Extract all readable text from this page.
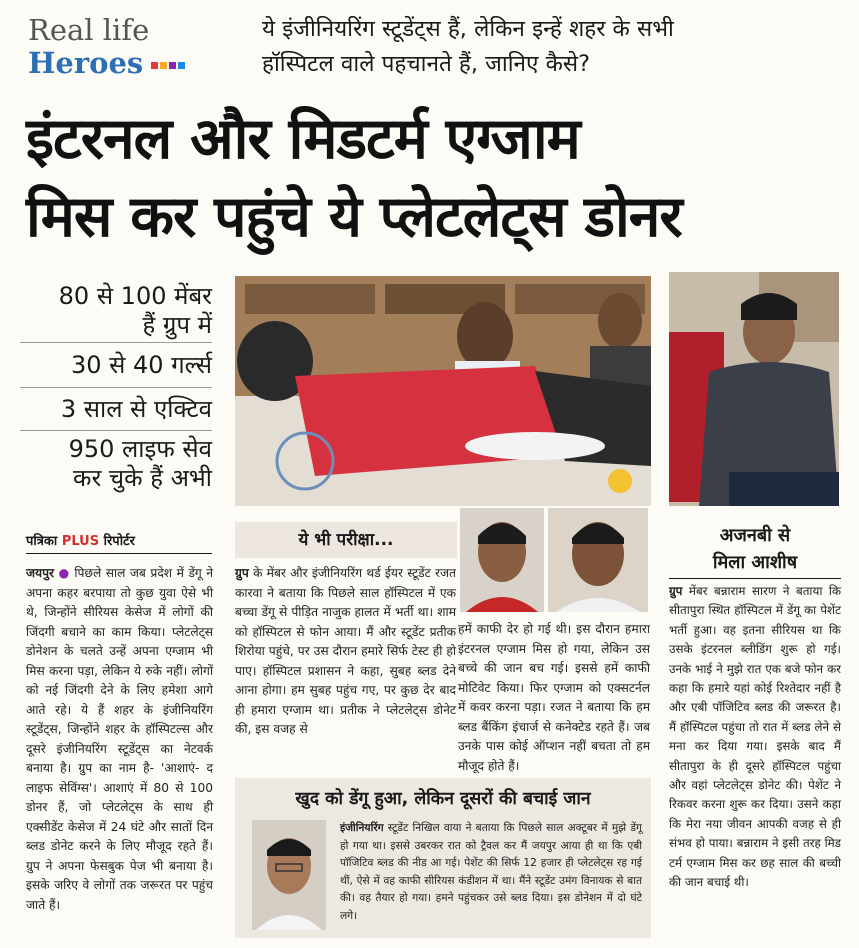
Real life
Heroes
ये इंजीनियरिंग स्टूडेंट्स हैं, लेकिन इन्हें शहर के सभी
हॉस्पिटल वाले पहचानते हैं, जानिए कैसे?
इंटरनल और मिडटर्म एग्जाम
मिस कर पहुंचे ये प्लेटलेट्स डोनर
80 से 100 मेंबर
हैं ग्रुप में
30 से 40 गर्ल्स
3 साल से एक्टिव
950 लाइफ सेव
कर चुके हैं अभी
पत्रिका PLUS रिपोर्टर
जयपुर ● पिछले साल जब प्रदेश में डेंगू ने अपना कहर बरपाया तो कुछ युवा ऐसे भी थे, जिन्होंने सीरियस केसेज में लोगों की जिंदगी बचाने का काम किया। प्लेटलेट्स डोनेशन के चलते उन्हें अपना एग्जाम भी मिस करना पड़ा, लेकिन ये रुके नहीं। लोगों को नई जिंदगी देने के लिए हमेशा आगे आते रहे। ये हैं शहर के इंजीनियरिंग स्टूडेंट्स, जिन्होंने शहर के हॉस्पिटल्स और दूसरे इंजीनियरिंग स्टूडेंट्स का नेटवर्क बनाया है। ग्रुप का नाम है- 'आशाएं- द लाइफ सेविंग्स'। आशाएं में 80 से 100 डोनर हैं, जो प्लेटलेट्स के साथ ही एक्सीडेंट केसेज में 24 घंटे और सातों दिन ब्लड डोनेट करने के लिए मौजूद रहते हैं। ग्रुप ने अपना फेसबुक पेज भी बनाया है। इसके जरिए वे लोगों तक जरूरत पर पहुंच जाते हैं।
ये भी परीक्षा...
ग्रुप के मेंबर और इंजीनियरिंग थर्ड ईयर स्टूडेंट रजत कारवा ने बताया कि पिछले साल हॉस्पिटल में एक बच्चा डेंगू से पीड़ित नाजुक हालत में भर्ती था। शाम को हॉस्पिटल से फोन आया। मैं और स्टूडेंट प्रतीक शिरोया पहुंचे, पर उस दौरान हमारे सिर्फ टेस्ट ही हो पाए। हॉस्पिटल प्रशासन ने कहा, सुबह ब्लड देने आना होगा। हम सुबह पहुंच गए, पर कुछ देर बाद ही हमारा एग्जाम था। प्रतीक ने प्लेटलेट्स डोनेट की, इस वजह से
हमें काफी देर हो गई थी। इस दौरान हमारा इंटरनल एग्जाम मिस हो गया, लेकिन उस बच्चे की जान बच गई। इससे हमें काफी मोटिवेट किया। फिर एग्जाम को एक्सटर्नल में कवर करना पड़ा। रजत ने बताया कि हम ब्लड बैंकिंग इंचार्ज से कनेक्टेड रहते हैं। जब उनके पास कोई ऑप्शन नहीं बचता तो हम मौजूद होते हैं।
खुद को डेंगू हुआ, लेकिन दूसरों की बचाई जान
इंजीनियरिंग स्टूडेंट निखिल वाया ने बताया कि पिछले साल अक्टूबर में मुझे डेंगू हो गया था। इससे उबरकर रात को ट्रैवल कर मैं जयपुर आया ही था कि एबी पॉजिटिव ब्लड की नीड आ गई। पेशेंट की सिर्फ 12 हजार ही प्लेटलेट्स रह गई थीं, ऐसे में वह काफी सीरियस कंडीशन में था। मैंने स्टूडेंट उमंग विनायक से बात की। वह तैयार हो गया। हमने पहुंचकर उसे ब्लड दिया। इस डोनेशन में दो घंटे लगे।
अजनबी से
मिला आशीष
ग्रुप मेंबर बन्नाराम सारण ने बताया कि सीतापुरा स्थित हॉस्पिटल में डेंगू का पेशेंट भर्ती हुआ। वह इतना सीरियस था कि उसके इंटरनल ब्लीडिंग शुरू हो गई। उनके भाई ने मुझे रात एक बजे फोन कर कहा कि हमारे यहां कोई रिश्तेदार नहीं है और एबी पॉजिटिव ब्लड की जरूरत है। मैं हॉस्पिटल पहुंचा तो रात में ब्लड लेने से मना कर दिया गया। इसके बाद मैं सीतापुरा के ही दूसरे हॉस्पिटल पहुंचा और वहां प्लेटलेट्स डोनेट की। पेशेंट ने रिकवर करना शुरू कर दिया। उसने कहा कि मेरा नया जीवन आपकी वजह से ही संभव हो पाया। बन्नाराम ने इसी तरह मिड टर्म एग्जाम मिस कर छह साल की बच्ची की जान बचाई थी।
